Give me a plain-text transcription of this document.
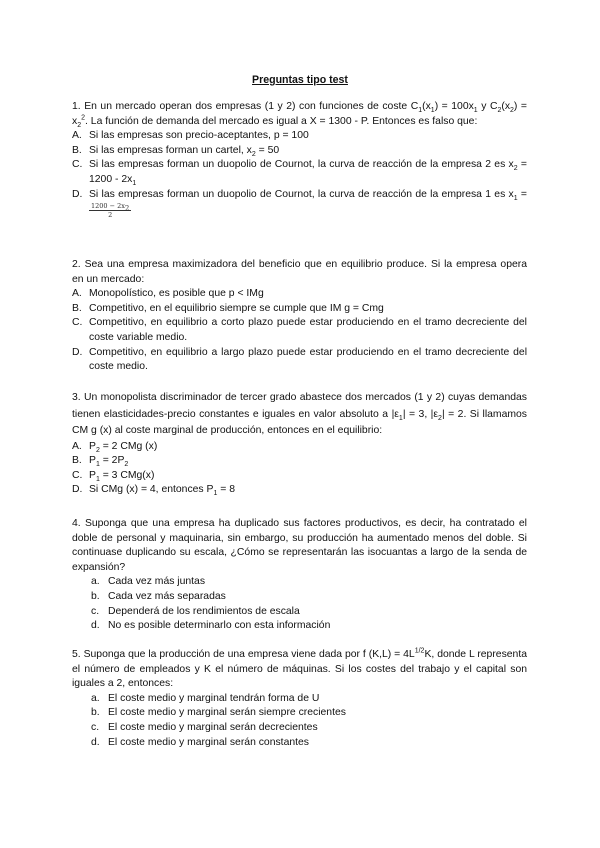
Preguntas tipo test
1. En un mercado operan dos empresas (1 y 2) con funciones de coste $C_1(x_1) = 100x_1$ y $C_2(x_2) = x_2^2$. La función de demanda del mercado es igual a X = 1300 - P. Entonces es falso que:
A. Si las empresas son precio-aceptantes, p = 100
B. Si las empresas forman un cartel, $x_2 = 50$
C. Si las empresas forman un duopolio de Cournot, la curva de reacción de la empresa 2 es $x_2 = 1200 - 2x_1$
D. Si las empresas forman un duopolio de Cournot, la curva de reacción de la empresa 1 es $x_1$ =
$\frac{1200 - 2x_2}{2}$
2. Sea una empresa maximizadora del beneficio que en equilibrio produce. Si la empresa opera en un mercado:
A. Monopolístico, es posible que p < IMg
B. Competitivo, en el equilibrio siempre se cumple que IM g = Cmg
C. Competitivo, en equilibrio a corto plazo puede estar produciendo en el tramo decreciente del coste variable medio.
D. Competitivo, en equilibrio a largo plazo puede estar produciendo en el tramo decreciente del coste medio.
3. Un monopolista discriminador de tercer grado abastece dos mercados (1 y 2) cuyas demandas tienen elasticidades-precio constantes e iguales en valor absoluto a $|\varepsilon_1| = 3$, $|\varepsilon_2| = 2$. Si llamamos CM g (x) al coste marginal de producción, entonces en el equilibrio:
A. $P_2 = 2$ CMg (x)
B. $P_1 = 2P_2$
C. $P_1 = 3$ CMg(x)
D. Si CMg (x) = 4, entonces $P_1 = 8$
4. Suponga que una empresa ha duplicado sus factores productivos, es decir, ha contratado el doble de personal y maquinaria, sin embargo, su producción ha aumentado menos del doble. Si continuase duplicando su escala, ¿Cómo se representarán las isocuantas a largo de la senda de expansión?
a. Cada vez más juntas
b. Cada vez más separadas
c. Dependerá de los rendimientos de escala
d. No es posible determinarlo con esta información
5. Suponga que la producción de una empresa viene dada por f $(K,L) = 4L^{1/2}K$, donde L representa el número de empleados y K el número de máquinas. Si los costes del trabajo y el capital son iguales a 2, entonces:
a. El coste medio y marginal tendrán forma de U
b. El coste medio y marginal serán siempre crecientes
c. El coste medio y marginal serán decrecientes
d. El coste medio y marginal serán constantes
